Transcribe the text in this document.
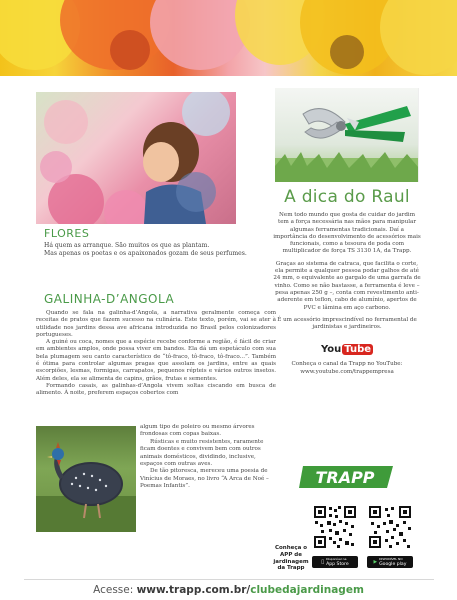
FLORES
Há quem as arranque. São muitos os que as plantam.
Mas apenas os poetas e os apaixonados gozam de seus perfumes.
GALINHA-D’ANGOLA

Quando se fala na galinha-d’Angola, a narrativa geralmente começa com receitas de pratos que fazem sucesso na culinária. Este texto, porém, vai se ater à utilidade nos jardins dessa ave africana introduzida no Brasil pelos colonizadores portugueses.

A guiné ou coca, nomes que a espécie recebe conforme a região, é fácil de criar em ambientes amplos, onde possa viver em bandos. Ela dá um espetáculo com sua bela plumagem seu canto característico de “tô-fraco, tô-fraco, tô-fraco...”. Também é ótima para controlar algumas pragas que assolam os jardins, entre as quais escorpiões, lesmas, formigas, carrapatos, pequenos répteis e vários outros insetos. Além deles, ela se alimenta de capins, grãos, frutas e sementes.

Formando casais, as galinhas-d’Angola vivem soltas ciscando em busca de alimento. À noite, preferem espaços cobertos com

algum tipo de poleiro ou mesmo árvores frondosas com copas baixas.

Rústicas e muito resistentes, raramente ficam doentes e convivem bem com outros animais domésticos, dividindo, inclusive, espaços com outras aves.

De tão pitoresca, mereceu uma poesia de Vinícius de Moraes, no livro “A Arca de Noé – Poemas Infantis”.

A dica do Raul
Nem todo mundo que gosta de cuidar do jardim tem a força necessária nas mãos para manipular algumas ferramentas tradicionais. Daí a importância do desenvolvimento de acessórios mais funcionais, como a tesoura de poda com multiplicador de força TS 3130 1A, da Trapp.
Graças ao sistema de catraca, que facilita o corte, ela permite a qualquer pessoa podar galhos de até 24 mm, o equivalente ao gargalo de uma garrafa de vinho. Como se não bastasse, a ferramenta é leve – pesa apenas 250 g –, conta com revestimento anti-aderente em teflon, cabo de alumínio, apertos de PVC e lâmina em aço carbono.
É um acessório imprescindível no ferramental de jardinistas e jardineiros.
You Tube
Conheça o canal da Trapp no YouTube:
www.youtube.com/trappempresa
TRAPP
Conheça o APP de jardinagem da Trapp
Disponível na
App Store	▶
DISPONÍVEL NO
Google play
Acesse: www.trapp.com.br/clubedajardinagem
